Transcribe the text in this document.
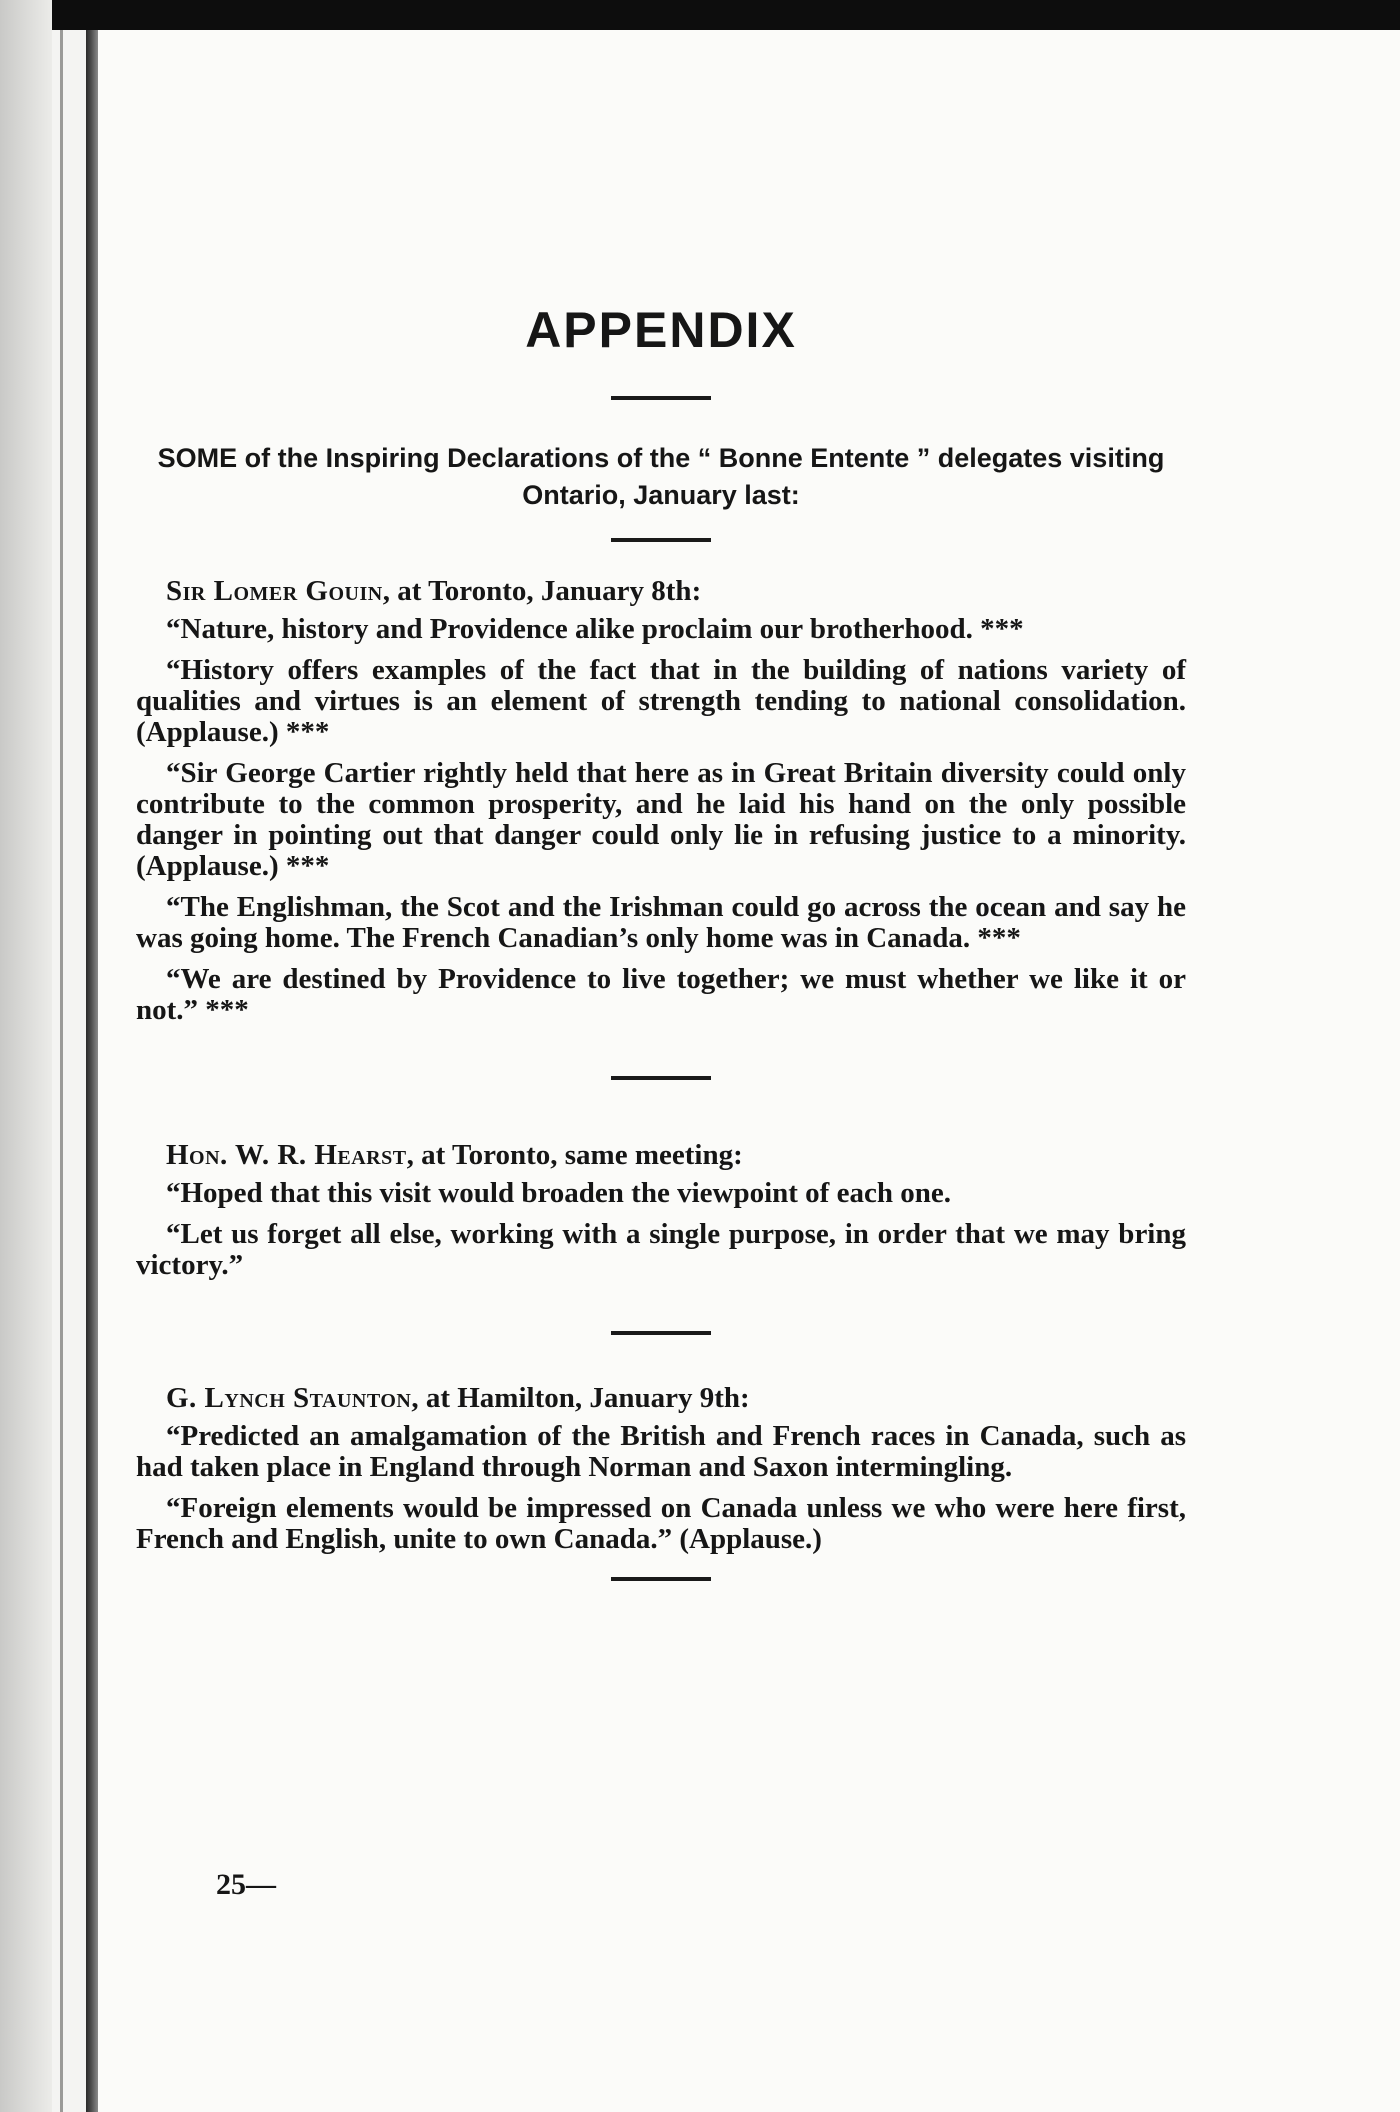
APPENDIX
SOME of the Inspiring Declarations of the “ Bonne Entente ” delegates visiting Ontario, January last:
Sir Lomer Gouin, at Toronto, January 8th:

“Nature, history and Providence alike proclaim our brotherhood. ***

“History offers examples of the fact that in the building of nations variety of qualities and virtues is an element of strength tending to national consolidation. (Applause.) ***

“Sir George Cartier rightly held that here as in Great Britain diversity could only contribute to the common prosperity, and he laid his hand on the only possible danger in pointing out that danger could only lie in refusing justice to a minority. (Applause.) ***

“The Englishman, the Scot and the Irishman could go across the ocean and say he was going home. The French Canadian’s only home was in Canada. ***

“We are destined by Providence to live together; we must whether we like it or not.” ***

Hon. W. R. Hearst, at Toronto, same meeting:

“Hoped that this visit would broaden the viewpoint of each one.

“Let us forget all else, working with a single purpose, in order that we may bring victory.”

G. Lynch Staunton, at Hamilton, January 9th:

“Predicted an amalgamation of the British and French races in Canada, such as had taken place in England through Norman and Saxon intermingling.

“Foreign elements would be impressed on Canada unless we who were here first, French and English, unite to own Canada.” (Applause.)

25—
